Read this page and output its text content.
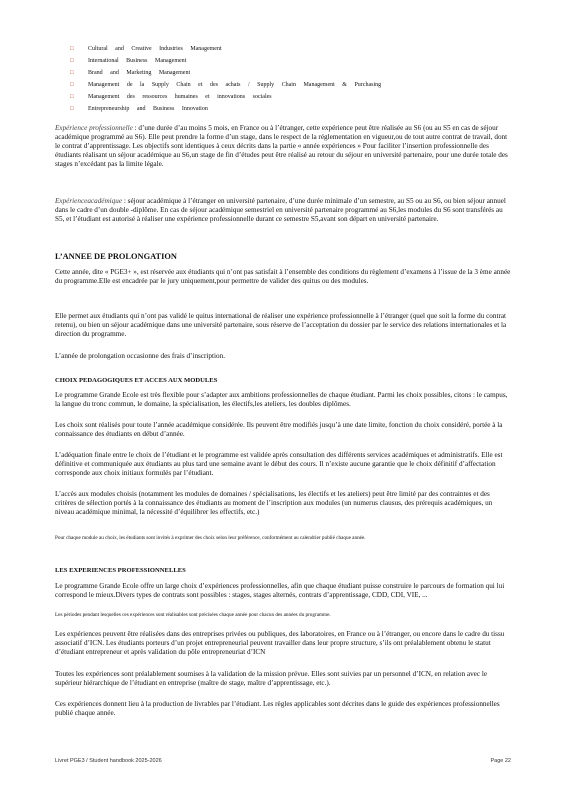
□	Cultural and Creative Industries Management
□	International Business Management
□	Brand and Marketing Management
□	Management de la Supply Chain et des achats / Supply Chain Management & Purchasing
□	Management des ressources humaines et innovations sociales
□	Entrepreneurship and Business Innovation

Expérience professionnelle : d’une durée d’au moins 5 mois, en France ou à l’étranger, cette expérience peut être réalisée au S6 (ou au S5 en cas de séjour académique programmé au S6). Elle peut prendre la forme d’un stage, dans le respect de la réglementation en vigueur,ou de tout autre contrat de travail, dont le contrat d’apprentissage. Les objectifs sont identiques à ceux décrits dans la partie « année expériences » Pour faciliter l’insertion professionnelle des étudiants réalisant un séjour académique au S6,un stage de fin d’études peut être réalisé au retour du séjour en université partenaire, pour une durée totale des stages n’excédant pas la limite légale.

Expérienceacadémique : séjour académique à l’étranger en université partenaire, d’une durée minimale d’un semestre, au S5 ou au S6, ou bien séjour annuel dans le cadre d’un double -diplôme. En cas de séjour académique semestriel en université partenaire programmé au S6,les modules du S6 sont transférés au S5, et l’étudiant est autorisé à réaliser une expérience professionnelle durant ce semestre S5,avant son départ en université partenaire.

L’ANNEE DE PROLONGATION

Cette année, dite « PGE3+ », est réservée aux étudiants qui n’ont pas satisfait à l’ensemble des conditions du règlement d’examens à l’issue de la 3 ème année du programme.Elle est encadrée par le jury uniquement,pour permettre de valider des quitus ou des modules.

Elle permet aux étudiants qui n’ont pas validé le quitus international de réaliser une expérience professionnelle à l’étranger (quel que soit la forme du contrat retenu), ou bien un séjour académique dans une université partenaire, sous réserve de l’acceptation du dossier par le service des relations internationales et la direction du programme.

L’année de prolongation occasionne des frais d’inscription.

CHOIX PEDAGOGIQUES ET ACCES AUX MODULES

Le programme Grande Ecole est très flexible pour s’adapter aux ambitions professionnelles de chaque étudiant. Parmi les choix possibles, citons : le campus, la langue du tronc commun, le domaine, la spécialisation, les électifs,les ateliers, les doubles diplômes.

Les choix sont réalisés pour toute l’année académique considérée. Ils peuvent être modifiés jusqu’à une date limite, fonction du choix considéré, portée à la connaissance des étudiants en début d’année.

L’adéquation finale entre le choix de l’étudiant et le programme est validée après consultation des différents services académiques et administratifs. Elle est définitive et communiquée aux étudiants au plus tard une semaine avant le début des cours. Il n’existe aucune garantie que le choix définitif d’affectation corresponde aux choix initiaux formulés par l’étudiant.

L’accès aux modules choisis (notamment les modules de domaines / spécialisations, les électifs et les ateliers) peut être limité par des contraintes et des critères de sélection portés à la connaissance des étudiants au moment de l’inscription aux modules (un numerus clausus, des prérequis académiques, un niveau académique minimal, la nécessité d’équilibrer les effectifs, etc.)

Pour chaque module au choix, les étudiants sont invités à exprimer des choix selon leur préférence, conformément au calendrier publié chaque année.

LES EXPERIENCES PROFESSIONNELLES

Le programme Grande Ecole offre un large choix d’expériences professionnelles, afin que chaque étudiant puisse construire le parcours de formation qui lui correspond le mieux.Divers types de contrats sont possibles : stages, stages alternés, contrats d’apprentissage, CDD, CDI, VIE, ...

Les périodes pendant lesquelles ces expériences sont réalisables sont précisées chaque année pour chacun des années du programme.

Les expériences peuvent être réalisées dans des entreprises privées ou publiques, des laboratoires, en France ou à l’étranger, ou encore dans le cadre du tissu associatif d’ICN. Les étudiants porteurs d’un projet entrepreneurial peuvent travailler dans leur propre structure, s’ils ont préalablement obtenu le statut d’étudiant entrepreneur et après validation du pôle entrepreneuriat d’ICN

Toutes les expériences sont préalablement soumises à la validation de la mission prévue. Elles sont suivies par un personnel d’ICN, en relation avec le supérieur hiérarchique de l’étudiant en entreprise (maître de stage, maître d’apprentissage, etc.).

Ces expériences donnent lieu à la production de livrables par l’étudiant. Les règles applicables sont décrites dans le guide des expériences professionnelles publié chaque année.

Livret PGE3 / Student handbook 2025-2026	Page 22
